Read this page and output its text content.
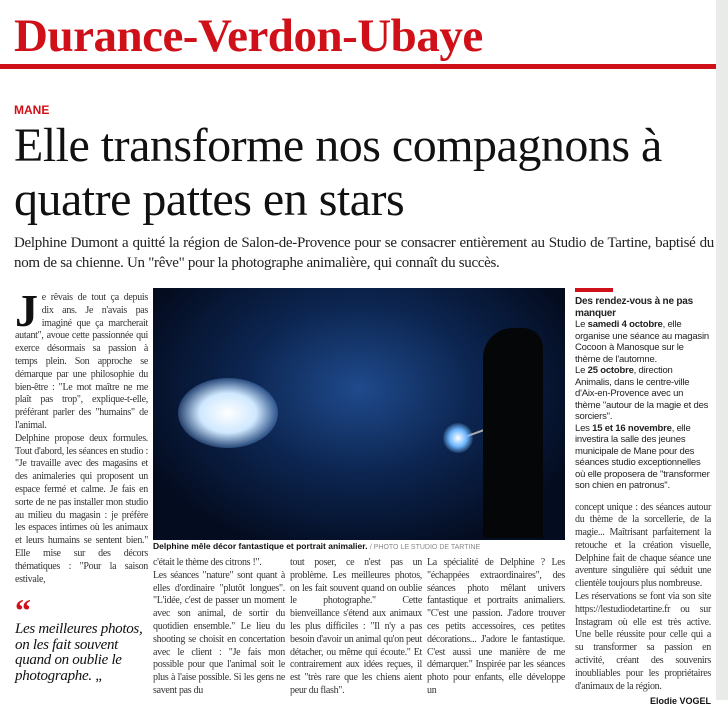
Durance-Verdon-Ubaye
MANE
Elle transforme nos compagnons à quatre pattes en stars
Delphine Dumont a quitté la région de Salon-de-Provence pour se consacrer entièrement au Studio de Tartine, baptisé du nom de sa chienne. Un "rêve" pour la photographe animalière, qui connaît du succès.

Je rêvais de tout ça depuis dix ans. Je n'avais pas imaginé que ça marcherait autant", avoue cette passionnée qui exerce désormais sa passion à temps plein. Son approche se démarque par une philosophie du bien-être : "Le mot maître ne me plaît pas trop", explique-t-elle, préférant parler des "humains" de l'animal.

Delphine propose deux formules. Tout d'abord, les séances en studio : "Je travaille avec des magasins et des animaleries qui proposent un espace fermé et calme. Je fais en sorte de ne pas installer mon studio au milieu du magasin : je préfère les espaces intimes où les animaux et leurs humains se sentent bien." Elle mise sur des décors thématiques : "Pour la saison estivale,

“
Les meilleures photos, on les fait souvent quand on oublie le photographe. „
Delphine mêle décor fantastique et portrait animalier. / PHOTO LE STUDIO DE TARTINE

c'était le thème des citrons !".

Les séances "nature" sont quant à elles d'ordinaire "plutôt longues". "L'idée, c'est de passer un moment avec son animal, de sortir du quotidien ensemble." Le lieu du shooting se choisit en concertation avec le client : "Je fais mon possible pour que l'animal soit le plus à l'aise possible. Si les gens ne savent pas du

tout poser, ce n'est pas un problème. Les meilleures photos, on les fait souvent quand on oublie le photographe." Cette bienveillance s'étend aux animaux les plus difficiles : "Il n'y a pas besoin d'avoir un animal qu'on peut détacher, ou même qui écoute." Et contrairement aux idées reçues, il est "très rare que les chiens aient peur du flash".
La spécialité de Delphine ? Les "échappées extraordinaires", des séances photo mêlant univers fantastique et portraits animaliers. "C'est une passion. J'adore trouver ces petits accessoires, ces petites décorations... J'adore le fantastique. C'est aussi une manière de me démarquer." Inspirée par les séances photo pour enfants, elle développe un
Des rendez-vous à ne pas manquer

Le samedi 4 octobre, elle organise une séance au magasin Cocoon à Manosque sur le thème de l'automne.

Le 25 octobre, direction Animalis, dans le centre-ville d'Aix-en-Provence avec un thème "autour de la magie et des sorciers".

Les 15 et 16 novembre, elle investira la salle des jeunes municipale de Mane pour des séances studio exceptionnelles où elle proposera de "transformer son chien en patronus".

concept unique : des séances autour du thème de la sorcellerie, de la magie... Maîtrisant parfaitement la retouche et la création visuelle, Delphine fait de chaque séance une aventure singulière qui séduit une clientèle toujours plus nombreuse.

Les réservations se font via son site https://lestudiodetartine.fr ou sur Instagram où elle est très active. Une belle réussite pour celle qui a su transformer sa passion en activité, créant des souvenirs inoubliables pour les propriétaires d'animaux de la région.

Elodie VOGEL
